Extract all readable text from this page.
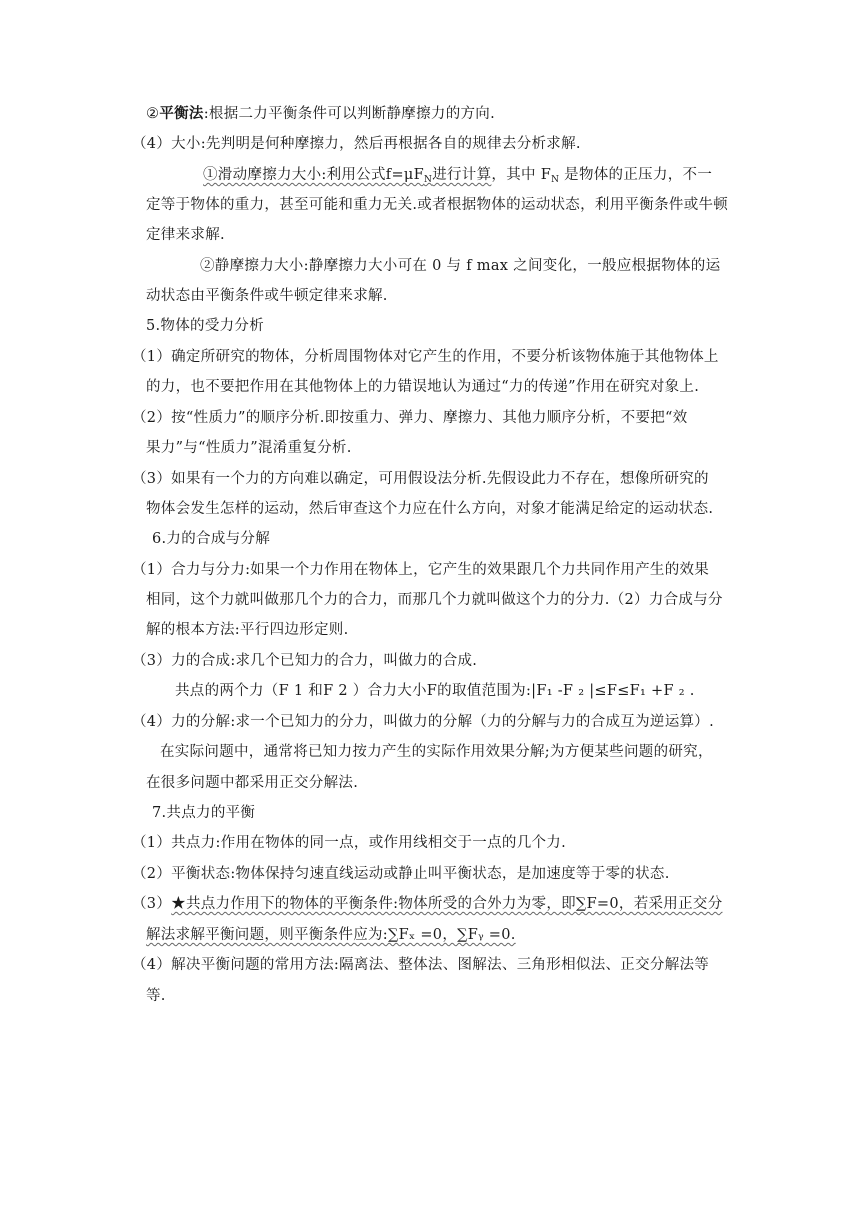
②平衡法:根据二力平衡条件可以判断静摩擦力的方向.
（4）大小:先判明是何种摩擦力，然后再根据各自的规律去分析求解.
①滑动摩擦力大小:利用公式$f=\mu F_N$进行计算，其中 $F_N$ 是物体的正压力，不一
定等于物体的重力，甚至可能和重力无关.或者根据物体的运动状态，利用平衡条件或牛顿
定律来求解.
②静摩擦力大小:静摩擦力大小可在 0 与 f max 之间变化，一般应根据物体的运
动状态由平衡条件或牛顿定律来求解.
5.物体的受力分析
（1）确定所研究的物体，分析周围物体对它产生的作用，不要分析该物体施于其他物体上
的力，也不要把作用在其他物体上的力错误地认为通过“力的传递”作用在研究对象上.
（2）按“性质力”的顺序分析.即按重力、弹力、摩擦力、其他力顺序分析，不要把“效
果力”与“性质力”混淆重复分析.
（3）如果有一个力的方向难以确定，可用假设法分析.先假设此力不存在，想像所研究的
物体会发生怎样的运动，然后审查这个力应在什么方向，对象才能满足给定的运动状态.
6.力的合成与分解
（1）合力与分力:如果一个力作用在物体上，它产生的效果跟几个力共同作用产生的效果
相同，这个力就叫做那几个力的合力，而那几个力就叫做这个力的分力.（2）力合成与分
解的根本方法:平行四边形定则.
（3）力的合成:求几个已知力的合力，叫做力的合成.
共点的两个力（F 1 和F 2 ）合力大小F的取值范围为:|F₁ -F ₂ |≤F≤F₁ +F ₂ .
（4）力的分解:求一个已知力的分力，叫做力的分解（力的分解与力的合成互为逆运算）.
在实际问题中，通常将已知力按力产生的实际作用效果分解;为方便某些问题的研究，
在很多问题中都采用正交分解法.
7.共点力的平衡
（1）共点力:作用在物体的同一点，或作用线相交于一点的几个力.
（2）平衡状态:物体保持匀速直线运动或静止叫平衡状态，是加速度等于零的状态.
（3）★共点力作用下的物体的平衡条件:物体所受的合外力为零，即∑F=0，若采用正交分
解法求解平衡问题，则平衡条件应为:∑Fₓ =0，∑Fᵧ =0.
（4）解决平衡问题的常用方法:隔离法、整体法、图解法、三角形相似法、正交分解法等
等.
